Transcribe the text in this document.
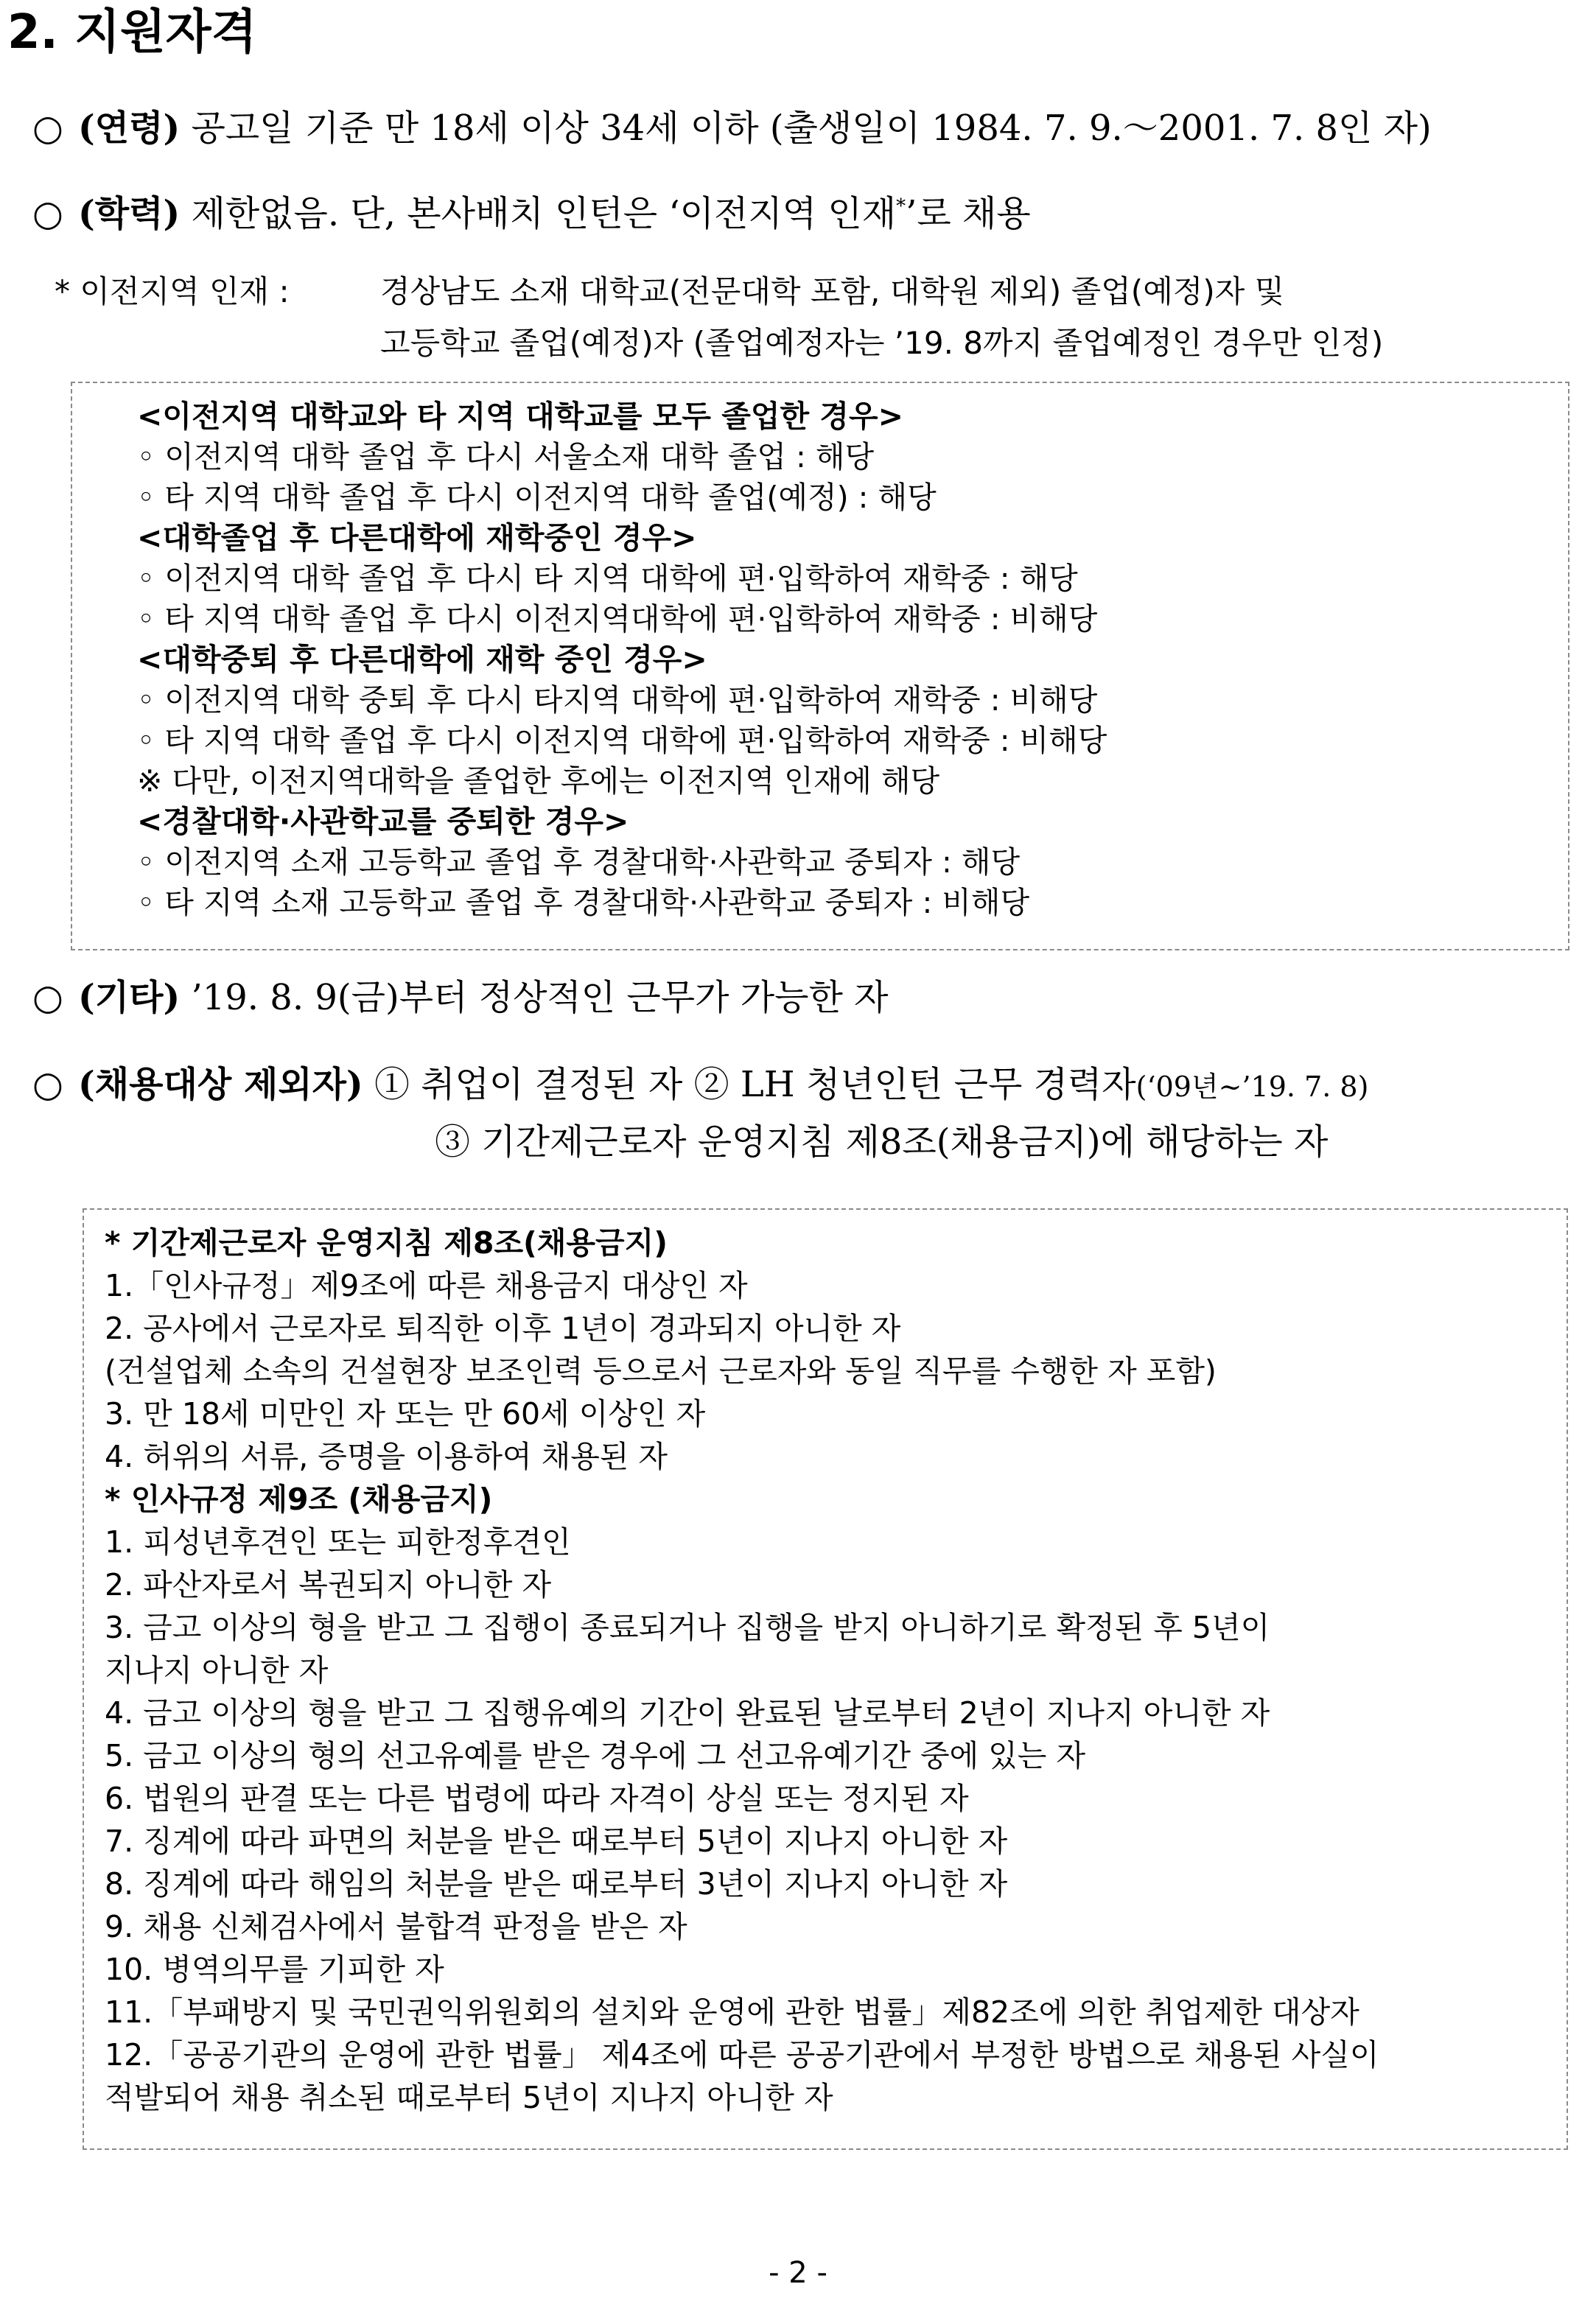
2. 지원자격
○ (연령) 공고일 기준 만 18세 이상 34세 이하 (출생일이 1984. 7. 9.～2001. 7. 8인 자)
○ (학력) 제한없음. 단, 본사배치 인턴은 ‘이전지역 인재*’로 채용
* 이전지역 인재 :	경상남도 소재 대학교(전문대학 포함, 대학원 제외) 졸업(예정)자 및
고등학교 졸업(예정)자 (졸업예정자는 ’19. 8까지 졸업예정인 경우만 인정)
<이전지역 대학교와 타 지역 대학교를 모두 졸업한 경우>
◦ 이전지역 대학 졸업 후 다시 서울소재 대학 졸업 : 해당
◦ 타 지역 대학 졸업 후 다시 이전지역 대학 졸업(예정) : 해당
<대학졸업 후 다른대학에 재학중인 경우>
◦ 이전지역 대학 졸업 후 다시 타 지역 대학에 편·입학하여 재학중 : 해당
◦ 타 지역 대학 졸업 후 다시 이전지역대학에 편·입학하여 재학중 : 비해당
<대학중퇴 후 다른대학에 재학 중인 경우>
◦ 이전지역 대학 중퇴 후 다시 타지역 대학에 편·입학하여 재학중 : 비해당
◦ 타 지역 대학 졸업 후 다시 이전지역 대학에 편·입학하여 재학중 : 비해당
※ 다만, 이전지역대학을 졸업한 후에는 이전지역 인재에 해당
<경찰대학·사관학교를 중퇴한 경우>
◦ 이전지역 소재 고등학교 졸업 후 경찰대학·사관학교 중퇴자 : 해당
◦ 타 지역 소재 고등학교 졸업 후 경찰대학·사관학교 중퇴자 : 비해당
○ (기타) ’19. 8. 9(금)부터 정상적인 근무가 가능한 자
○ (채용대상 제외자) ① 취업이 결정된 자 ② LH 청년인턴 근무 경력자(‘09년~’19. 7. 8)
③ 기간제근로자 운영지침 제8조(채용금지)에 해당하는 자
* 기간제근로자 운영지침 제8조(채용금지)
1.「인사규정」제9조에 따른 채용금지 대상인 자
2. 공사에서 근로자로 퇴직한 이후 1년이 경과되지 아니한 자
(건설업체 소속의 건설현장 보조인력 등으로서 근로자와 동일 직무를 수행한 자 포함)
3. 만 18세 미만인 자 또는 만 60세 이상인 자
4. 허위의 서류, 증명을 이용하여 채용된 자
* 인사규정 제9조 (채용금지)
1. 피성년후견인 또는 피한정후견인
2. 파산자로서 복권되지 아니한 자
3. 금고 이상의 형을 받고 그 집행이 종료되거나 집행을 받지 아니하기로 확정된 후 5년이
지나지 아니한 자
4. 금고 이상의 형을 받고 그 집행유예의 기간이 완료된 날로부터 2년이 지나지 아니한 자
5. 금고 이상의 형의 선고유예를 받은 경우에 그 선고유예기간 중에 있는 자
6. 법원의 판결 또는 다른 법령에 따라 자격이 상실 또는 정지된 자
7. 징계에 따라 파면의 처분을 받은 때로부터 5년이 지나지 아니한 자
8. 징계에 따라 해임의 처분을 받은 때로부터 3년이 지나지 아니한 자
9. 채용 신체검사에서 불합격 판정을 받은 자
10. 병역의무를 기피한 자
11.「부패방지 및 국민권익위원회의 설치와 운영에 관한 법률」제82조에 의한 취업제한 대상자
12.「공공기관의 운영에 관한 법률」 제4조에 따른 공공기관에서 부정한 방법으로 채용된 사실이
적발되어 채용 취소된 때로부터 5년이 지나지 아니한 자
- 2 -
